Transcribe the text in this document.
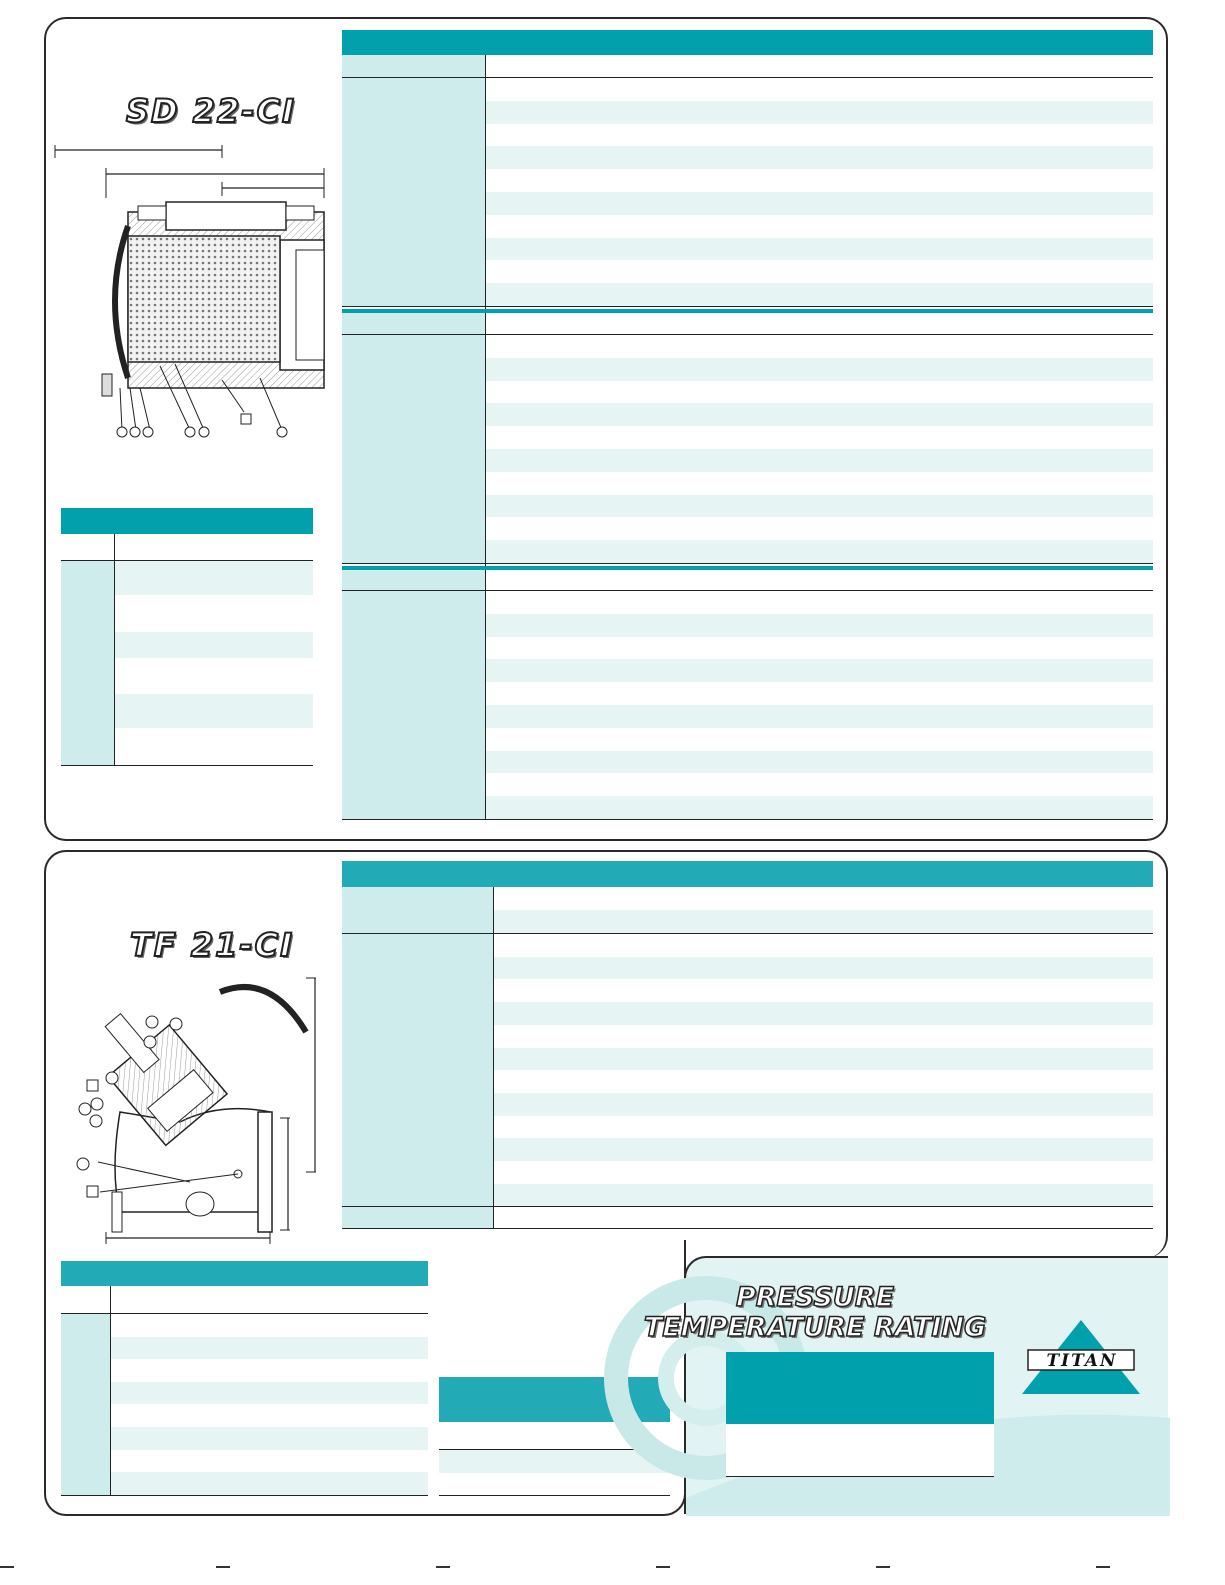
SD 22-CI
TF 21-CI
PRESSURE
TEMPERATURE RATING
TITAN
